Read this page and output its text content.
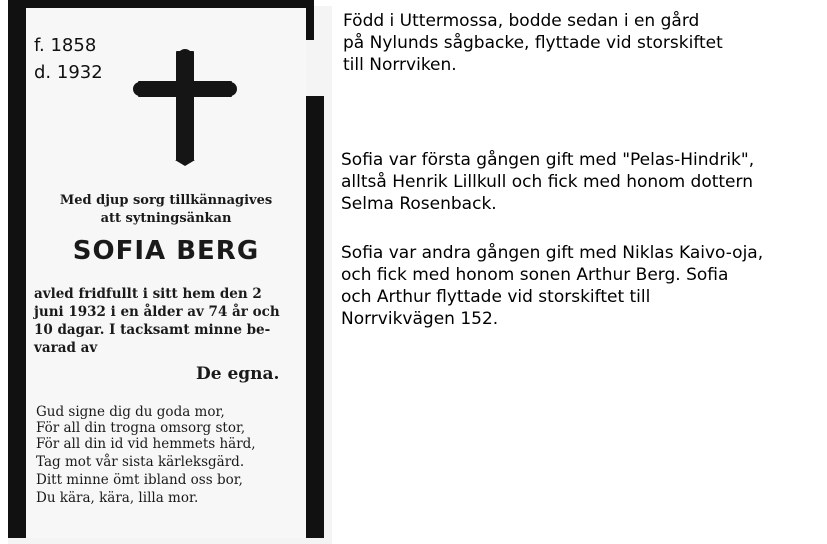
f. 1858
d. 1932
Med djup sorg tillkännagives
att sytningsänkan
SOFIA BERG
avled fridfullt i sitt hem den 2
juni 1932 i en ålder av 74 år och
10 dagar. I tacksamt minne be-
varad av
De egna.
Gud signe dig du goda mor,
För all din trogna omsorg stor,
För all din id vid hemmets härd,
Tag mot vår sista kärleksgärd.
Ditt minne ömt ibland oss bor,
Du kära, kära, lilla mor.
Född i Uttermossa, bodde sedan i en gård
på Nylunds sågbacke, flyttade vid storskiftet
till Norrviken.
Sofia var första gången gift med "Pelas-Hindrik",
alltså Henrik Lillkull och fick med honom dottern
Selma Rosenback.
Sofia var andra gången gift med Niklas Kaivo-oja,
och fick med honom sonen Arthur Berg. Sofia
och Arthur flyttade vid storskiftet till
Norrvikvägen 152.
